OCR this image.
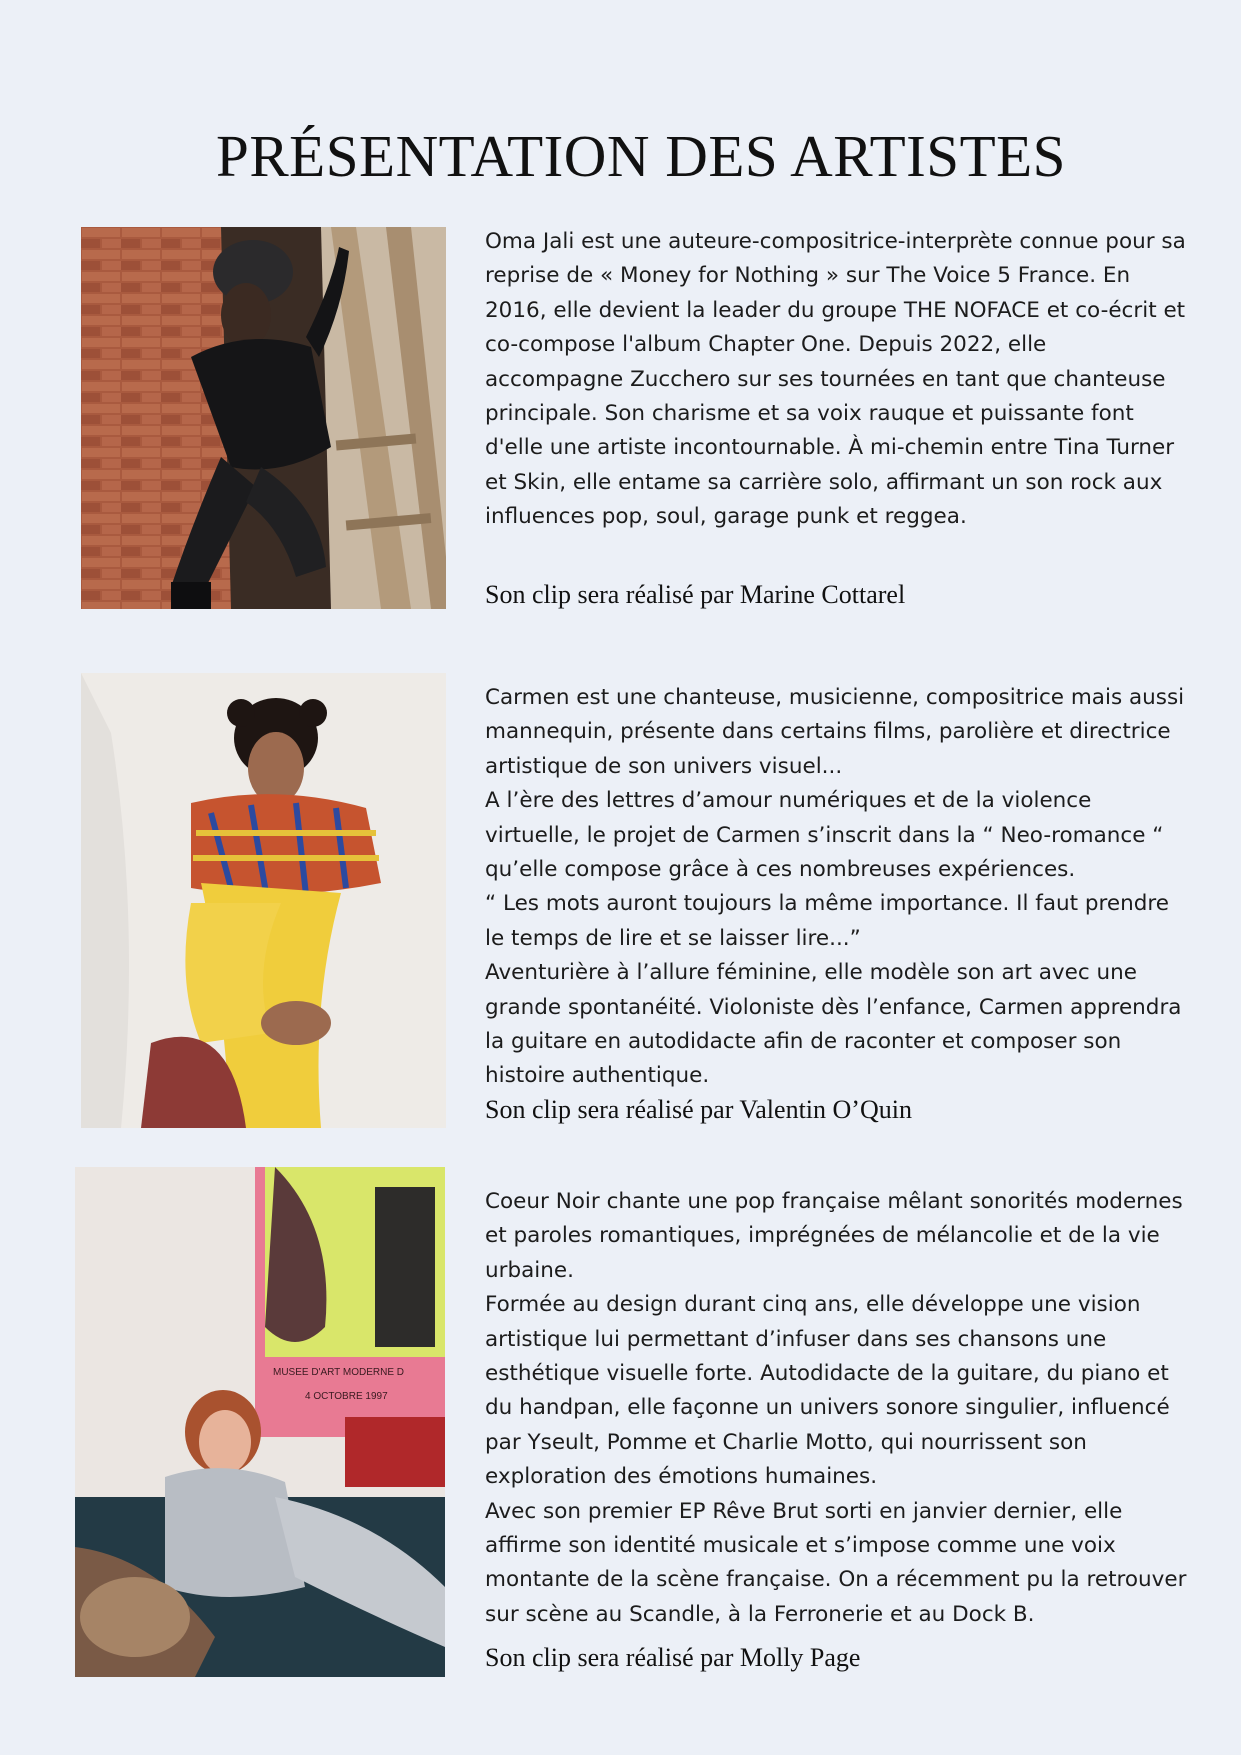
PRÉSENTATION DES ARTISTES

Oma Jali est une auteure-compositrice-interprète connue pour sa reprise de « Money for Nothing » sur The Voice 5 France. En 2016, elle devient la leader du groupe THE NOFACE et co-écrit et co-compose l'album Chapter One. Depuis 2022, elle accompagne Zucchero sur ses tournées en tant que chanteuse principale. Son charisme et sa voix rauque et puissante font d'elle une artiste incontournable. À mi-chemin entre Tina Turner et Skin, elle entame sa carrière solo, affirmant un son rock aux influences pop, soul, garage punk et reggea.

Son clip sera réalisé par Marine Cottarel

Carmen est une chanteuse, musicienne, compositrice mais aussi mannequin, présente dans certains films, parolière et directrice artistique de son univers visuel...

A l’ère des lettres d’amour numériques et de la violence virtuelle, le projet de Carmen s’inscrit dans la “ Neo-romance “ qu’elle compose grâce à ces nombreuses expériences.

“ Les mots auront toujours la même importance. Il faut prendre le temps de lire et se laisser lire...”

Aventurière à l’allure féminine, elle modèle son art avec une grande spontanéité. Violoniste dès l’enfance, Carmen apprendra la guitare en autodidacte afin de raconter et composer son histoire authentique.

Son clip sera réalisé par Valentin O’Quin
MUSEE D'ART MODERNE D
4 OCTOBRE 1997

Coeur Noir chante une pop française mêlant sonorités modernes et paroles romantiques, imprégnées de mélancolie et de la vie urbaine.

Formée au design durant cinq ans, elle développe une vision artistique lui permettant d’infuser dans ses chansons une esthétique visuelle forte. Autodidacte de la guitare, du piano et du handpan, elle façonne un univers sonore singulier, influencé par Yseult, Pomme et Charlie Motto, qui nourrissent son exploration des émotions humaines.

Avec son premier EP Rêve Brut sorti en janvier dernier, elle affirme son identité musicale et s’impose comme une voix montante de la scène française. On a récemment pu la retrouver sur scène au Scandle, à la Ferronerie et au Dock B.

Son clip sera réalisé par Molly Page
